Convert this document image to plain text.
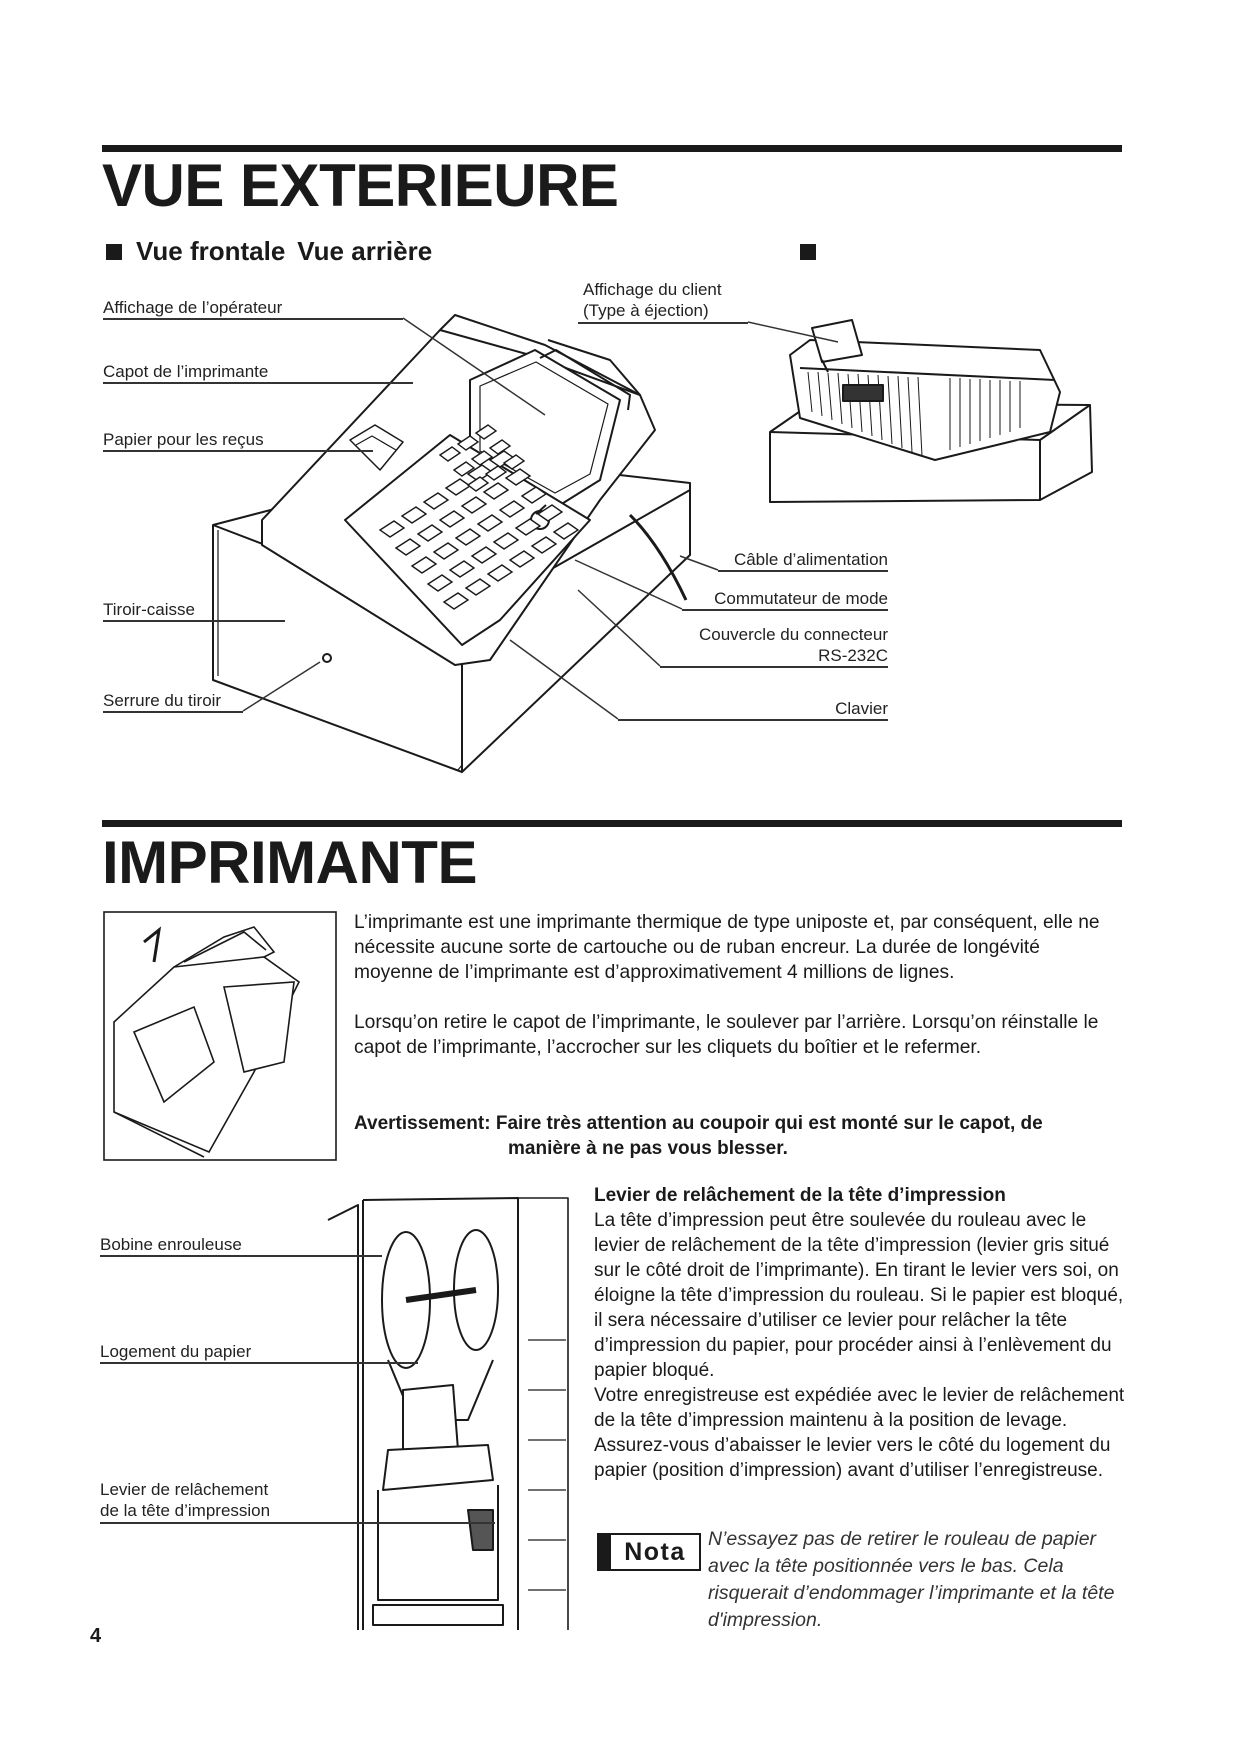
VUE EXTERIEURE
Vue frontale Vue arrière
Affichage de l’opérateur
Capot de l’imprimante
Papier pour les reçus
Tiroir-caisse
Serrure du tiroir
Affichage du client
(Type à éjection)
Câble d’alimentation
Commutateur de mode
Couvercle du connecteur
RS-232C
Clavier
IMPRIMANTE
L’imprimante est une imprimante thermique de type uniposte et, par conséquent, elle ne nécessite aucune sorte de cartouche ou de ruban encreur. La durée de longévité moyenne de l’imprimante est d’approximativement 4 millions de lignes.
Lorsqu’on retire le capot de l’imprimante, le soulever par l’arrière. Lorsqu’on réinstalle le capot de l’imprimante, l’accrocher sur les cliquets du boîtier et le refermer.
Avertissement: Faire très attention au coupoir qui est monté sur le capot, de
manière à ne pas vous blesser.
Bobine enrouleuse
Logement du papier
Levier de relâchement
de la tête d’impression
Levier de relâchement de la tête d’impression
La tête d’impression peut être soulevée du rouleau avec le levier de relâchement de la tête d’impression (levier gris situé sur le côté droit de l’imprimante). En tirant le levier vers soi, on éloigne la tête d’impression du rouleau. Si le papier est bloqué, il sera nécessaire d’utiliser ce levier pour relâcher la tête d’impression du papier, pour procéder ainsi à l’enlèvement du papier bloqué.
Votre enregistreuse est expédiée avec le levier de relâchement de la tête d’impression maintenu à la position de levage. Assurez-vous d’abaisser le levier vers le côté du logement du papier (position d’impression) avant d’utiliser l’enregistreuse.
Nota	N’essayez pas de retirer le rouleau de papier avec la tête positionnée vers le bas. Cela risquerait d’endommager l’imprimante et la tête d'impression.
4
